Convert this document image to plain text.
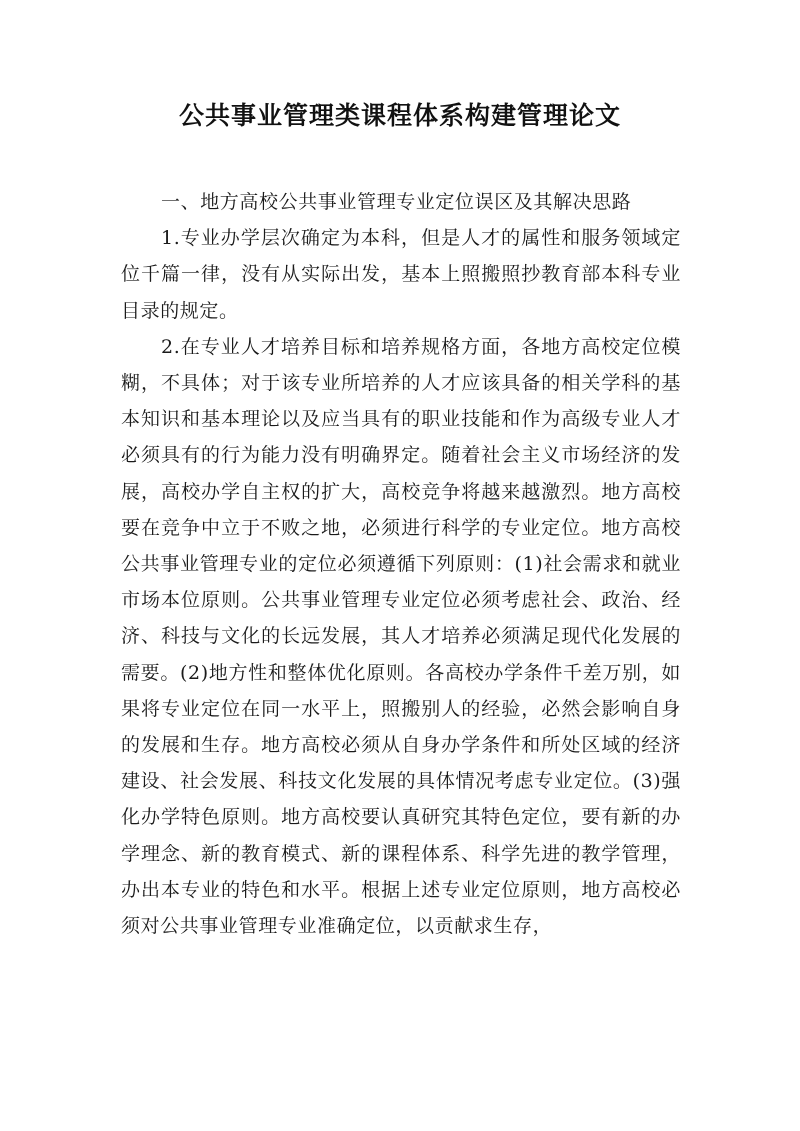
公共事业管理类课程体系构建管理论文

一、地方高校公共事业管理专业定位误区及其解决思路

1.专业办学层次确定为本科，但是人才的属性和服务领域定位千篇一律，没有从实际出发，基本上照搬照抄教育部本科专业目录的规定。

2.在专业人才培养目标和培养规格方面，各地方高校定位模糊，不具体；对于该专业所培养的人才应该具备的相关学科的基本知识和基本理论以及应当具有的职业技能和作为高级专业人才必须具有的行为能力没有明确界定。随着社会主义市场经济的发展，高校办学自主权的扩大，高校竞争将越来越激烈。地方高校要在竞争中立于不败之地，必须进行科学的专业定位。地方高校公共事业管理专业的定位必须遵循下列原则：(1)社会需求和就业市场本位原则。公共事业管理专业定位必须考虑社会、政治、经济、科技与文化的长远发展，其人才培养必须满足现代化发展的需要。(2)地方性和整体优化原则。各高校办学条件千差万别，如果将专业定位在同一水平上，照搬别人的经验，必然会影响自身的发展和生存。地方高校必须从自身办学条件和所处区域的经济建设、社会发展、科技文化发展的具体情况考虑专业定位。(3)强化办学特色原则。地方高校要认真研究其特色定位，要有新的办学理念、新的教育模式、新的课程体系、科学先进的教学管理，办出本专业的特色和水平。根据上述专业定位原则，地方高校必须对公共事业管理专业准确定位，以贡献求生存，
